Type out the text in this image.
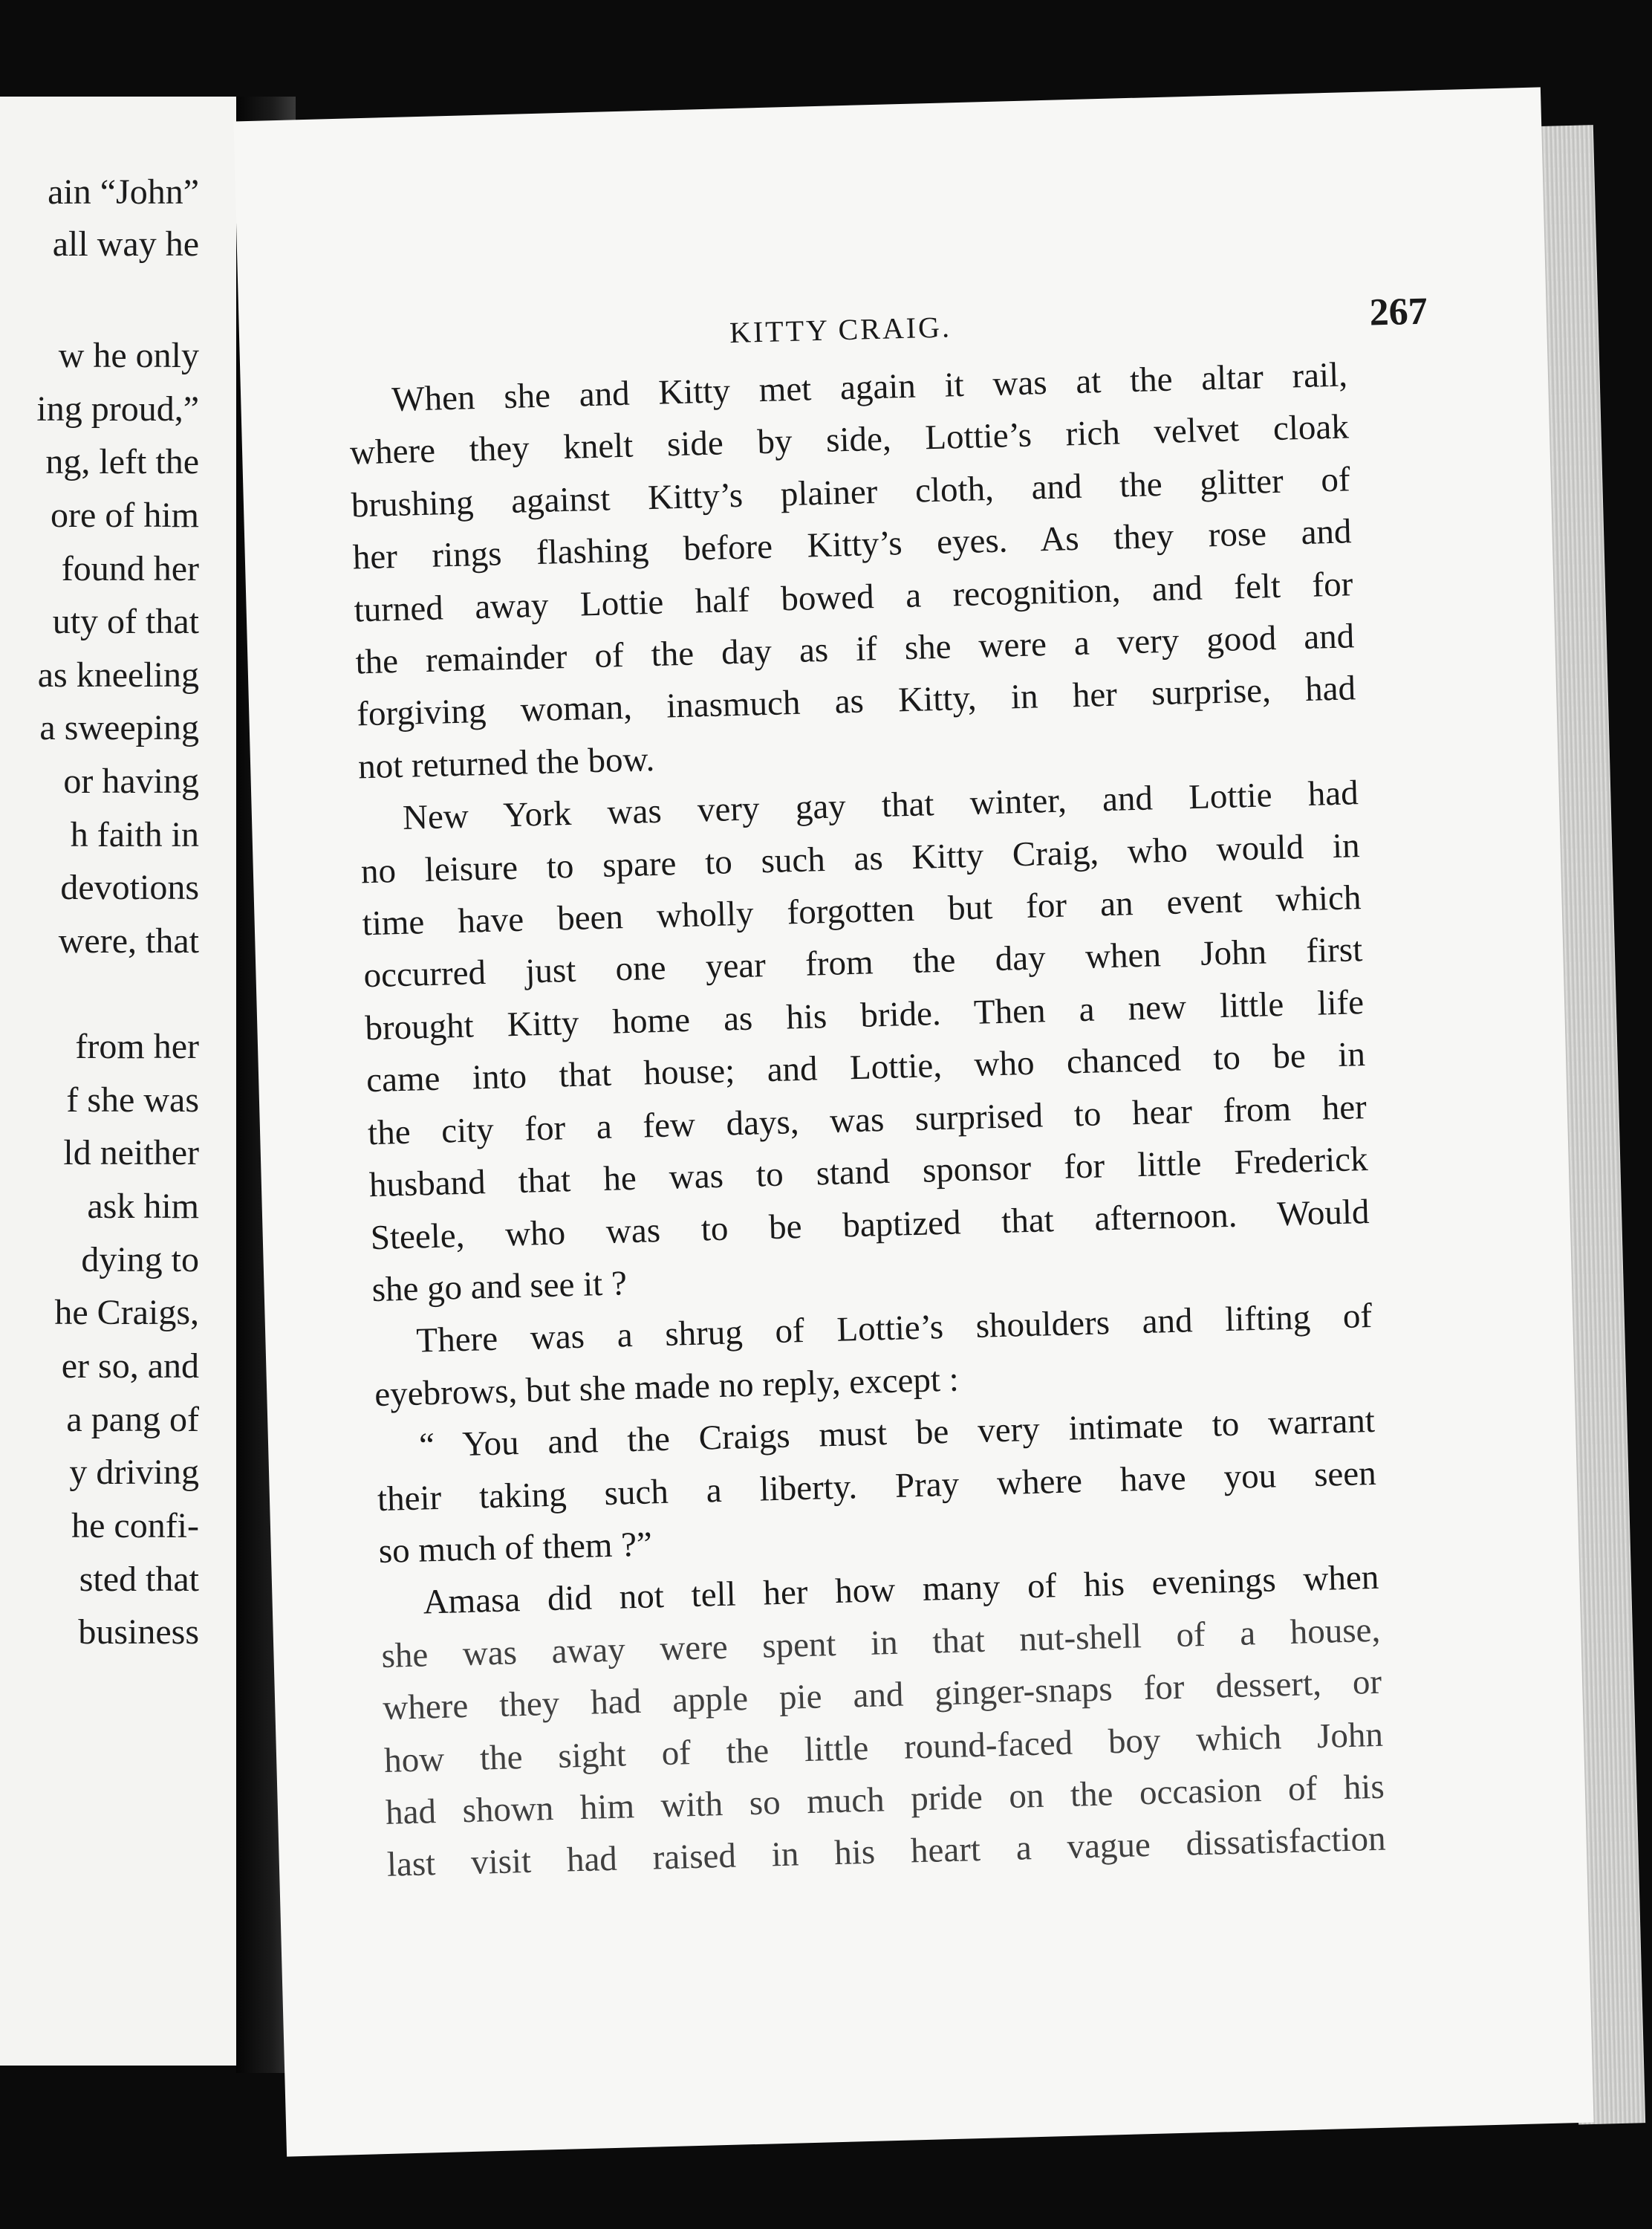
ain “John”
all way he
w he only
ing proud,”
ng, left the
ore of him
found her
uty of that
as kneeling
a sweeping
or having
h faith in
devotions
were, that
from her
f she was
ld neither
ask him
dying to
he Craigs,
er so, and
a pang of
y driving
he confi-
sted that
business
KITTY CRAIG.	267
When she and Kitty met again it was at the altar rail,
where they knelt side by side, Lottie’s rich velvet cloak
brushing against Kitty’s plainer cloth, and the glitter of
her rings flashing before Kitty’s eyes. As they rose and
turned away Lottie half bowed a recognition, and felt for
the remainder of the day as if she were a very good and
forgiving woman, inasmuch as Kitty, in her surprise, had
not returned the bow.
New York was very gay that winter, and Lottie had
no leisure to spare to such as Kitty Craig, who would in
time have been wholly forgotten but for an event which
occurred just one year from the day when John first
brought Kitty home as his bride. Then a new little life
came into that house; and Lottie, who chanced to be in
the city for a few days, was surprised to hear from her
husband that he was to stand sponsor for little Frederick
Steele, who was to be baptized that afternoon. Would
she go and see it ?
There was a shrug of Lottie’s shoulders and lifting of
eyebrows, but she made no reply, except :
“ You and the Craigs must be very intimate to warrant
their taking such a liberty. Pray where have you seen
so much of them ?”
Amasa did not tell her how many of his evenings when
she was away were spent in that nut-shell of a house,
where they had apple pie and ginger-snaps for dessert, or
how the sight of the little round-faced boy which John
had shown him with so much pride on the occasion of his
last visit had raised in his heart a vague dissatisfaction
